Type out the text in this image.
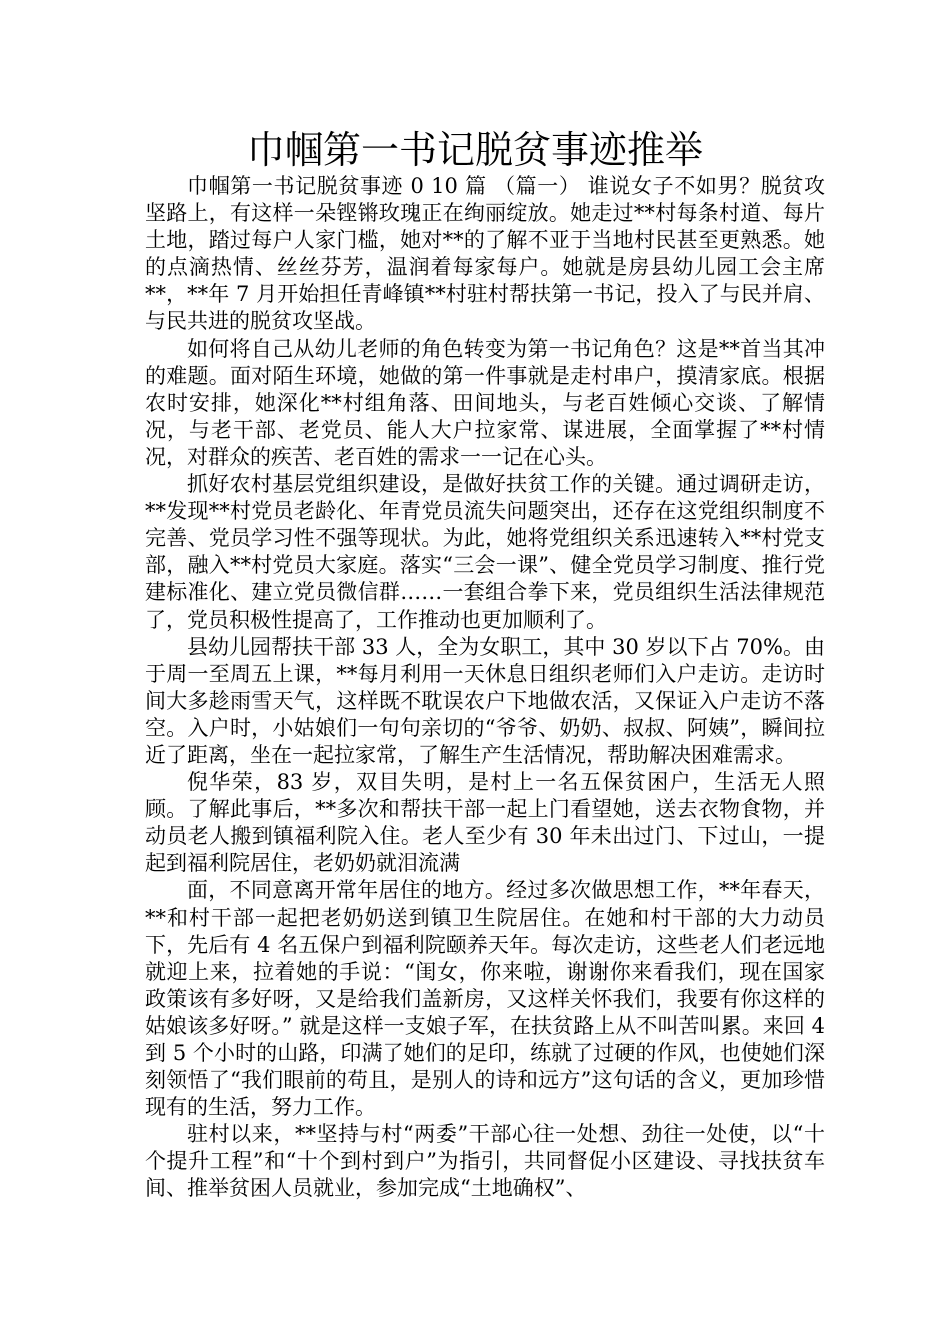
巾帼第一书记脱贫事迹推举

巾帼第一书记脱贫事迹 0 10 篇 （篇一） 谁说女子不如男？脱贫攻坚路上，有这样一朵铿锵玫瑰正在绚丽绽放。她走过**村每条村道、每片土地，踏过每户人家门槛，她对**的了解不亚于当地村民甚至更熟悉。她的点滴热情、丝丝芬芳，温润着每家每户。她就是房县幼儿园工会主席**，**年 7 月开始担任青峰镇**村驻村帮扶第一书记，投入了与民并肩、与民共进的脱贫攻坚战。

如何将自己从幼儿老师的角色转变为第一书记角色？这是**首当其冲的难题。面对陌生环境，她做的第一件事就是走村串户，摸清家底。根据农时安排，她深化**村组角落、田间地头，与老百姓倾心交谈、了解情况，与老干部、老党员、能人大户拉家常、谋进展，全面掌握了**村情况，对群众的疾苦、老百姓的需求一一记在心头。

抓好农村基层党组织建设，是做好扶贫工作的关键。通过调研走访，**发现**村党员老龄化、年青党员流失问题突出，还存在这党组织制度不完善、党员学习性不强等现状。为此，她将党组织关系迅速转入**村党支部，融入**村党员大家庭。落实“三会一课”、健全党员学习制度、推行党建标准化、建立党员微信群……一套组合拳下来，党员组织生活法律规范了，党员积极性提高了，工作推动也更加顺利了。

县幼儿园帮扶干部 33 人，全为女职工，其中 30 岁以下占 70%。由于周一至周五上课，**每月利用一天休息日组织老师们入户走访。走访时间大多趁雨雪天气，这样既不耽误农户下地做农活，又保证入户走访不落空。入户时，小姑娘们一句句亲切的“爷爷、奶奶、叔叔、阿姨”，瞬间拉近了距离，坐在一起拉家常，了解生产生活情况，帮助解决困难需求。

倪华荣，83 岁，双目失明，是村上一名五保贫困户，生活无人照顾。了解此事后，**多次和帮扶干部一起上门看望她，送去衣物食物，并动员老人搬到镇福利院入住。老人至少有 30 年未出过门、下过山，一提起到福利院居住，老奶奶就泪流满

面，不同意离开常年居住的地方。经过多次做思想工作，**年春天，**和村干部一起把老奶奶送到镇卫生院居住。在她和村干部的大力动员下，先后有 4 名五保户到福利院颐养天年。每次走访，这些老人们老远地就迎上来，拉着她的手说：“闺女，你来啦，谢谢你来看我们，现在国家政策该有多好呀，又是给我们盖新房，又这样关怀我们，我要有你这样的姑娘该多好呀。” 就是这样一支娘子军，在扶贫路上从不叫苦叫累。来回 4 到 5 个小时的山路，印满了她们的足印，练就了过硬的作风，也使她们深刻领悟了“我们眼前的苟且，是别人的诗和远方”这句话的含义，更加珍惜现有的生活，努力工作。

驻村以来，**坚持与村“两委”干部心往一处想、劲往一处使，以“十个提升工程”和“十个到村到户”为指引，共同督促小区建设、寻找扶贫车间、推举贫困人员就业，参加完成“土地确权”、
